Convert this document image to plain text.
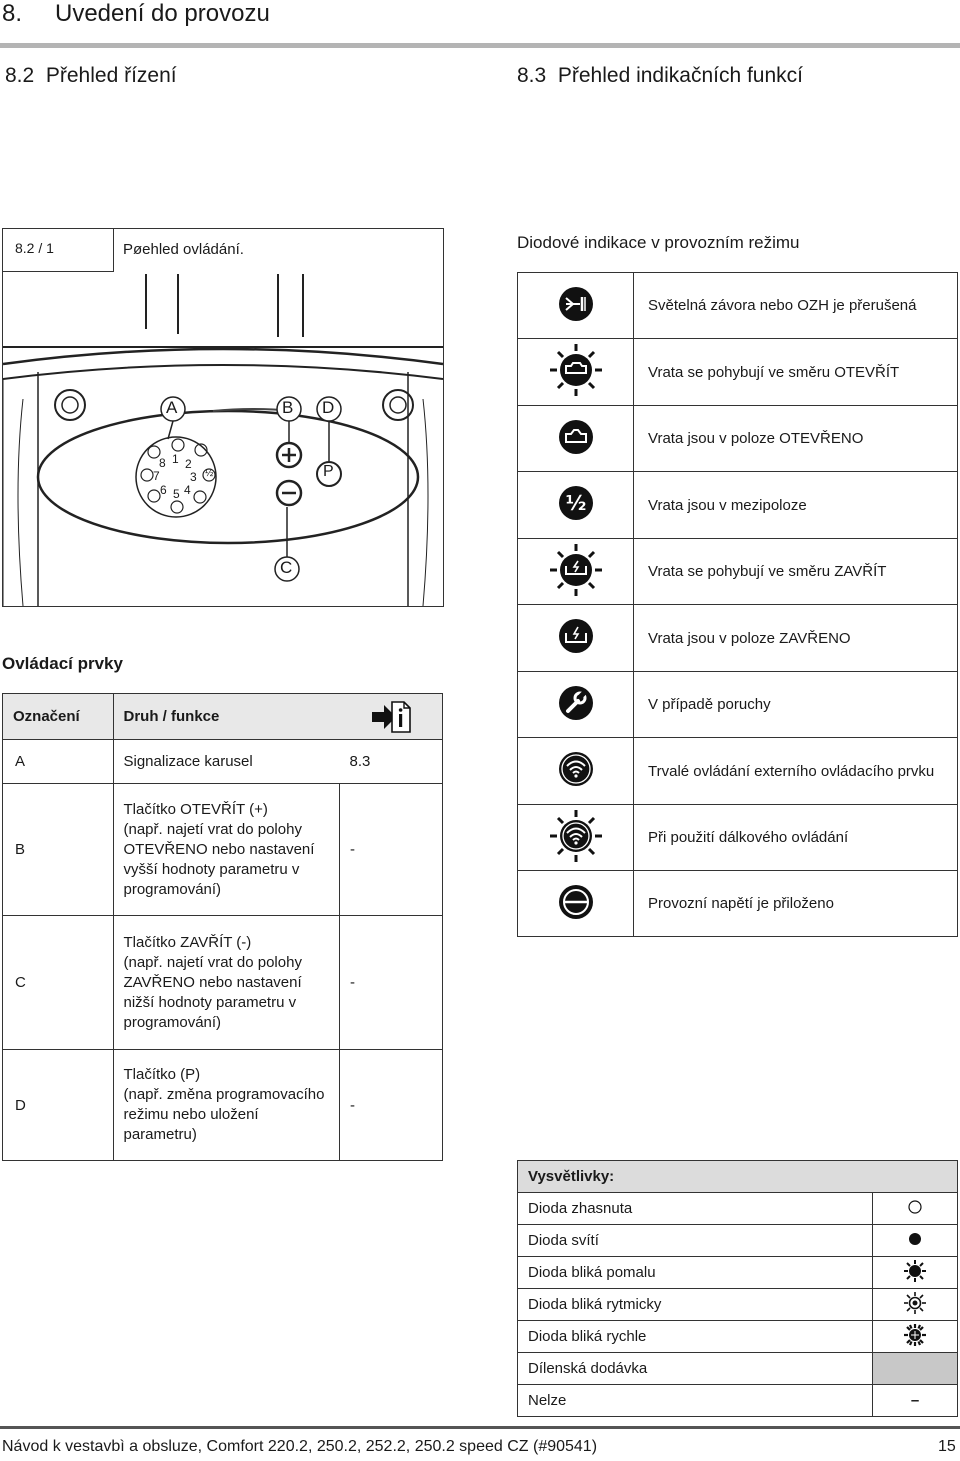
8. Uvedení do provozu
8.2  Přehled řízení	8.3  Přehled indikačních funkcí
8.2 / 1	Pøehled ovládání.
A	B D
C
P
1 2
3
4
5
6
7
8
½
Ovládací prvky
Označení	Druh / funkce	
A	Signalizace karusel	8.3
B	Tlačítko OTEVŘÍT (+)
(např. najetí vrat do polohy OTEVŘENO nebo nastavení vyšší hodnoty parametru v programování)	-
C	Tlačítko ZAVŘÍT (-)
(např. najetí vrat do polohy ZAVŘENO nebo nastavení nižší hodnoty parametru v programování)	-
D	Tlačítko (P)
(např. změna programovacího režimu nebo uložení parametru)	-
Diodové indikace v provozním režimu
	Světelná závora nebo OZH je přerušená
	Vrata se pohybují ve směru OTEVŘÍT
	Vrata jsou v poloze OTEVŘENO

½	Vrata jsou v mezipoloze
	Vrata se pohybují ve směru ZAVŘÍT
	Vrata jsou v poloze ZAVŘENO
	V případě poruchy
	Trvalé ovládání externího ovládacího prvku
	Při použití dálkového ovládání
	Provozní napětí je přiloženo
Vysvětlivky:	
Dioda zhasnuta	
Dioda svítí	
Dioda bliká pomalu	
Dioda bliká rytmicky	
Dioda bliká rychle	
Dílenská dodávka	
Nelze	–
Návod k vestavbì a obsluze, Comfort 220.2, 250.2, 252.2, 250.2 speed CZ (#90541)	15
